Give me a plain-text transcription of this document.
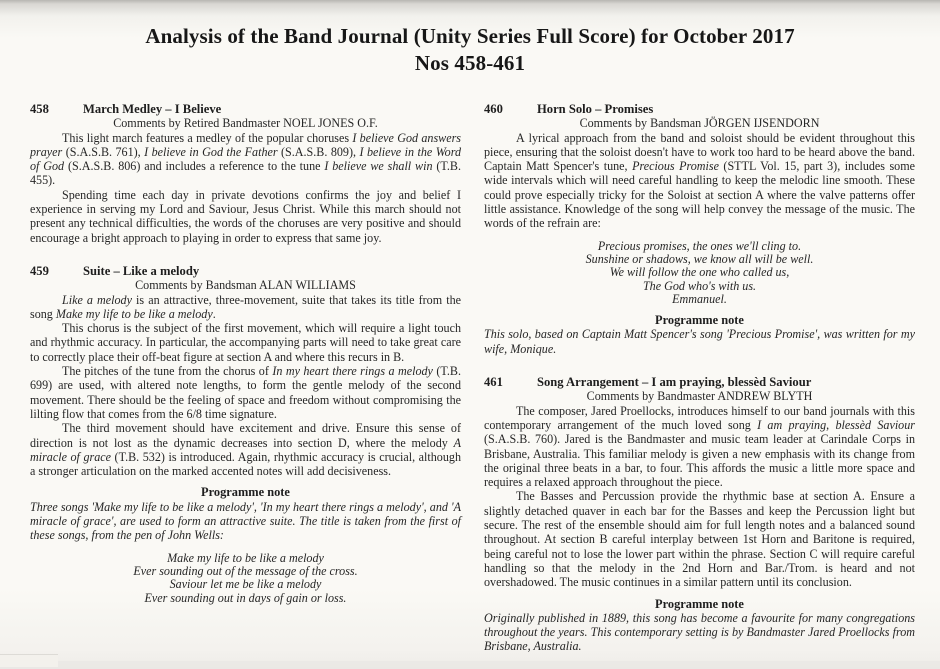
Analysis of the Band Journal (Unity Series Full Score) for October 2017
Nos 458-461
458	March Medley – I Believe
Comments by Retired Bandmaster NOEL JONES O.F.

This light march features a medley of the popular choruses I believe God answers prayer (S.A.S.B. 761), I believe in God the Father (S.A.S.B. 809), I believe in the Word of God (S.A.S.B. 806) and includes a reference to the tune I believe we shall win (T.B. 455).

Spending time each day in private devotions confirms the joy and belief I experience in serving my Lord and Saviour, Jesus Christ. While this march should not present any technical difficulties, the words of the choruses are very positive and should encourage a bright approach to playing in order to express that same joy.

459	Suite – Like a melody
Comments by Bandsman ALAN WILLIAMS

Like a melody is an attractive, three-movement, suite that takes its title from the song Make my life to be like a melody.

This chorus is the subject of the first movement, which will require a light touch and rhythmic accuracy. In particular, the accompanying parts will need to take great care to correctly place their off-beat figure at section A and where this recurs in B.

The pitches of the tune from the chorus of In my heart there rings a melody (T.B. 699) are used, with altered note lengths, to form the gentle melody of the second movement. There should be the feeling of space and freedom without compromising the lilting flow that comes from the 6/8 time signature.

The third movement should have excitement and drive. Ensure this sense of direction is not lost as the dynamic decreases into section D, where the melody A miracle of grace (T.B. 532) is introduced. Again, rhythmic accuracy is crucial, although a stronger articulation on the marked accented notes will add decisiveness.

Programme note

Three songs 'Make my life to be like a melody', 'In my heart there rings a melody', and 'A miracle of grace', are used to form an attractive suite. The title is taken from the first of these songs, from the pen of John Wells:

Make my life to be like a melody
Ever sounding out of the message of the cross.
Saviour let me be like a melody
Ever sounding out in days of gain or loss.
460	Horn Solo – Promises
Comments by Bandsman JÖRGEN IJSENDORN

A lyrical approach from the band and soloist should be evident throughout this piece, ensuring that the soloist doesn't have to work too hard to be heard above the band. Captain Matt Spencer's tune, Precious Promise (STTL Vol. 15, part 3), includes some wide intervals which will need careful handling to keep the melodic line smooth. These could prove especially tricky for the Soloist at section A where the valve patterns offer little assistance. Knowledge of the song will help convey the message of the music. The words of the refrain are:

Precious promises, the ones we'll cling to.
Sunshine or shadows, we know all will be well.
We will follow the one who called us,
The God who's with us.
Emmanuel.
Programme note

This solo, based on Captain Matt Spencer's song 'Precious Promise', was written for my wife, Monique.

461	Song Arrangement – I am praying, blessèd Saviour
Comments by Bandmaster ANDREW BLYTH

The composer, Jared Proellocks, introduces himself to our band journals with this contemporary arrangement of the much loved song I am praying, blessèd Saviour (S.A.S.B. 760). Jared is the Bandmaster and music team leader at Carindale Corps in Brisbane, Australia. This familiar melody is given a new emphasis with its change from the original three beats in a bar, to four. This affords the music a little more space and requires a relaxed approach throughout the piece.

The Basses and Percussion provide the rhythmic base at section A. Ensure a slightly detached quaver in each bar for the Basses and keep the Percussion light but secure. The rest of the ensemble should aim for full length notes and a balanced sound throughout. At section B careful interplay between 1st Horn and Baritone is required, being careful not to lose the lower part within the phrase. Section C will require careful handling so that the melody in the 2nd Horn and Bar./Trom. is heard and not overshadowed. The music continues in a similar pattern until its conclusion.

Programme note

Originally published in 1889, this song has become a favourite for many congregations throughout the years. This contemporary setting is by Bandmaster Jared Proellocks from Brisbane, Australia.
